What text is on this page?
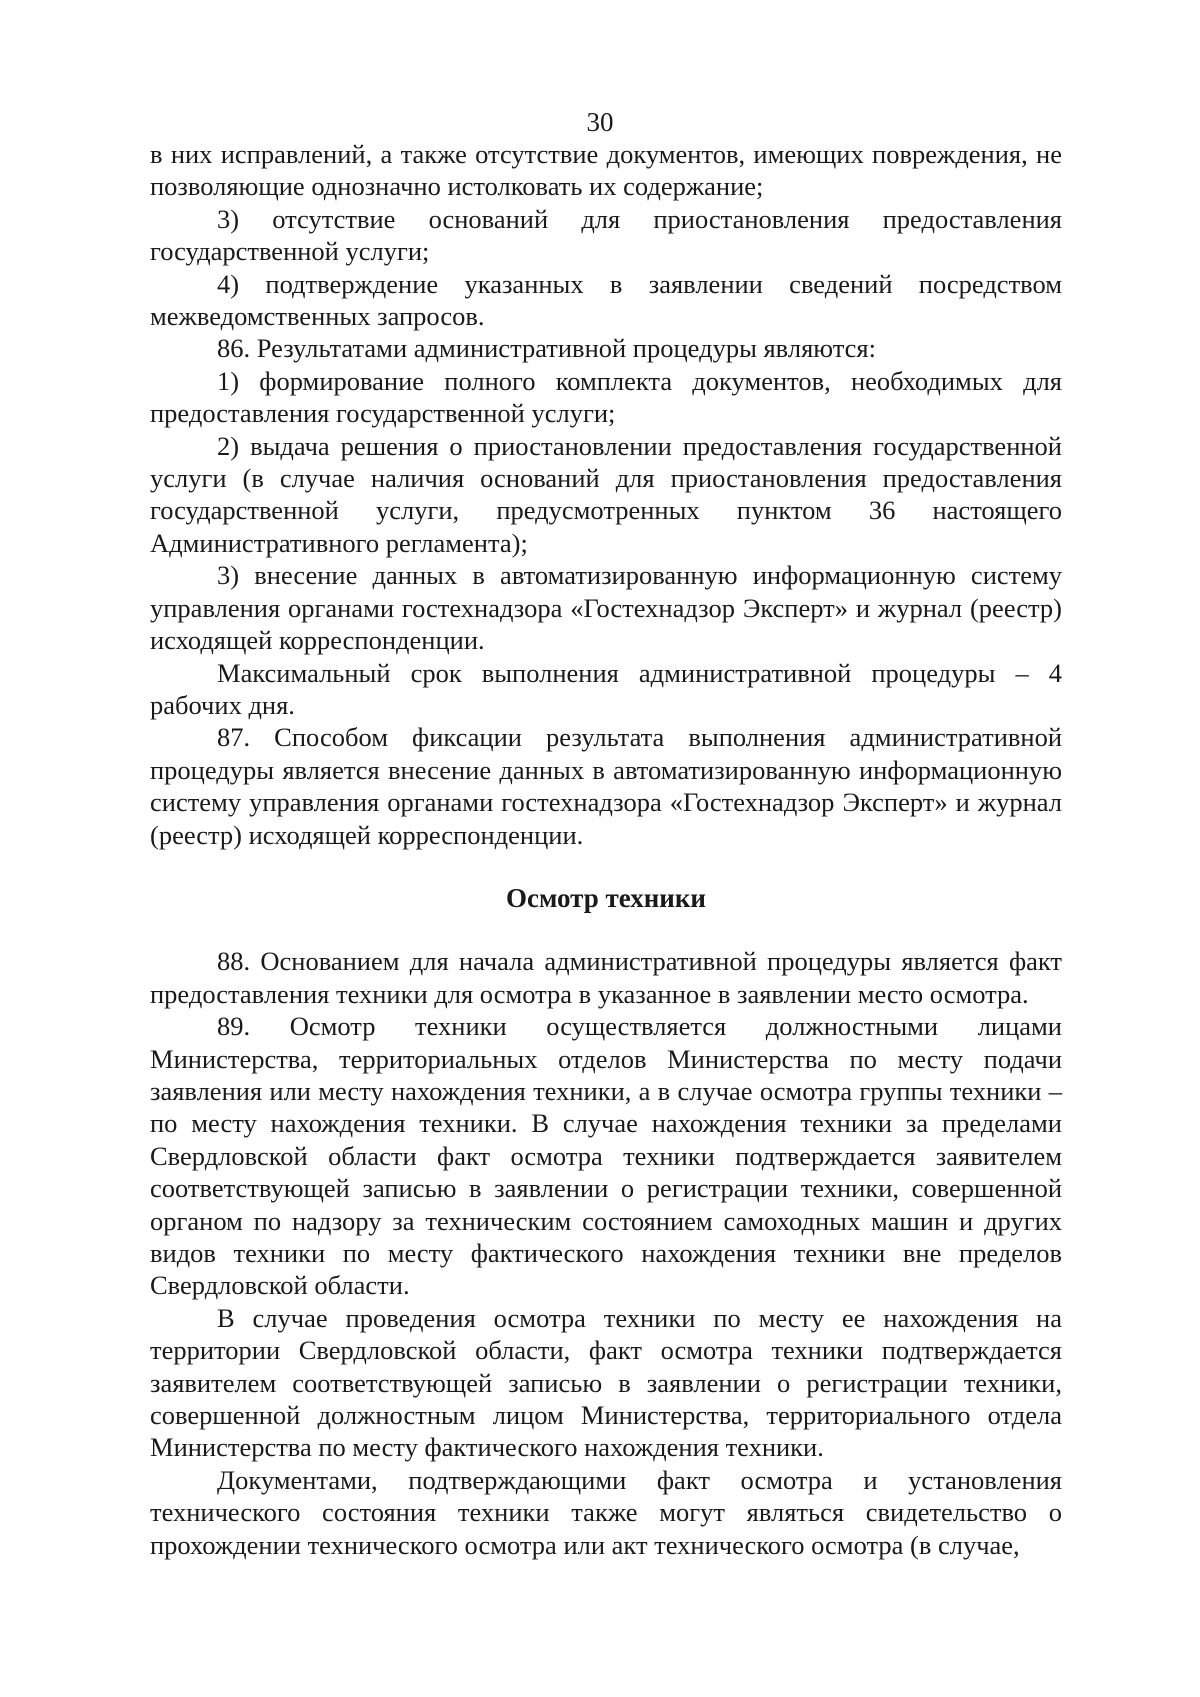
30

в них исправлений, а также отсутствие документов, имеющих повреждения, не позволяющие однозначно истолковать их содержание;

3) отсутствие оснований для приостановления предоставления государственной услуги;

4) подтверждение указанных в заявлении сведений посредством межведомственных запросов.

86. Результатами административной процедуры являются:

1) формирование полного комплекта документов, необходимых для предоставления государственной услуги;

2) выдача решения о приостановлении предоставления государственной услуги (в случае наличия оснований для приостановления предоставления государственной услуги, предусмотренных пунктом 36 настоящего Административного регламента);

3) внесение данных в автоматизированную информационную систему управления органами гостехнадзора «Гостехнадзор Эксперт» и журнал (реестр) исходящей корреспонденции.

Максимальный срок выполнения административной процедуры – 4 рабочих дня.

87. Способом фиксации результата выполнения административной процедуры является внесение данных в автоматизированную информационную систему управления органами гостехнадзора «Гостехнадзор Эксперт» и журнал (реестр) исходящей корреспонденции.

Осмотр техники

88. Основанием для начала административной процедуры является факт предоставления техники для осмотра в указанное в заявлении место осмотра.

89. Осмотр техники осуществляется должностными лицами Министерства, территориальных отделов Министерства по месту подачи заявления или месту нахождения техники, а в случае осмотра группы техники – по месту нахождения техники. В случае нахождения техники за пределами Свердловской области факт осмотра техники подтверждается заявителем соответствующей записью в заявлении о регистрации техники, совершенной органом по надзору за техническим состоянием самоходных машин и других видов техники по месту фактического нахождения техники вне пределов Свердловской области.

В случае проведения осмотра техники по месту ее нахождения на территории Свердловской области, факт осмотра техники подтверждается заявителем соответствующей записью в заявлении о регистрации техники, совершенной должностным лицом Министерства, территориального отдела Министерства по месту фактического нахождения техники.

Документами, подтверждающими факт осмотра и установления технического состояния техники также могут являться свидетельство о прохождении технического осмотра или акт технического осмотра (в случае,
